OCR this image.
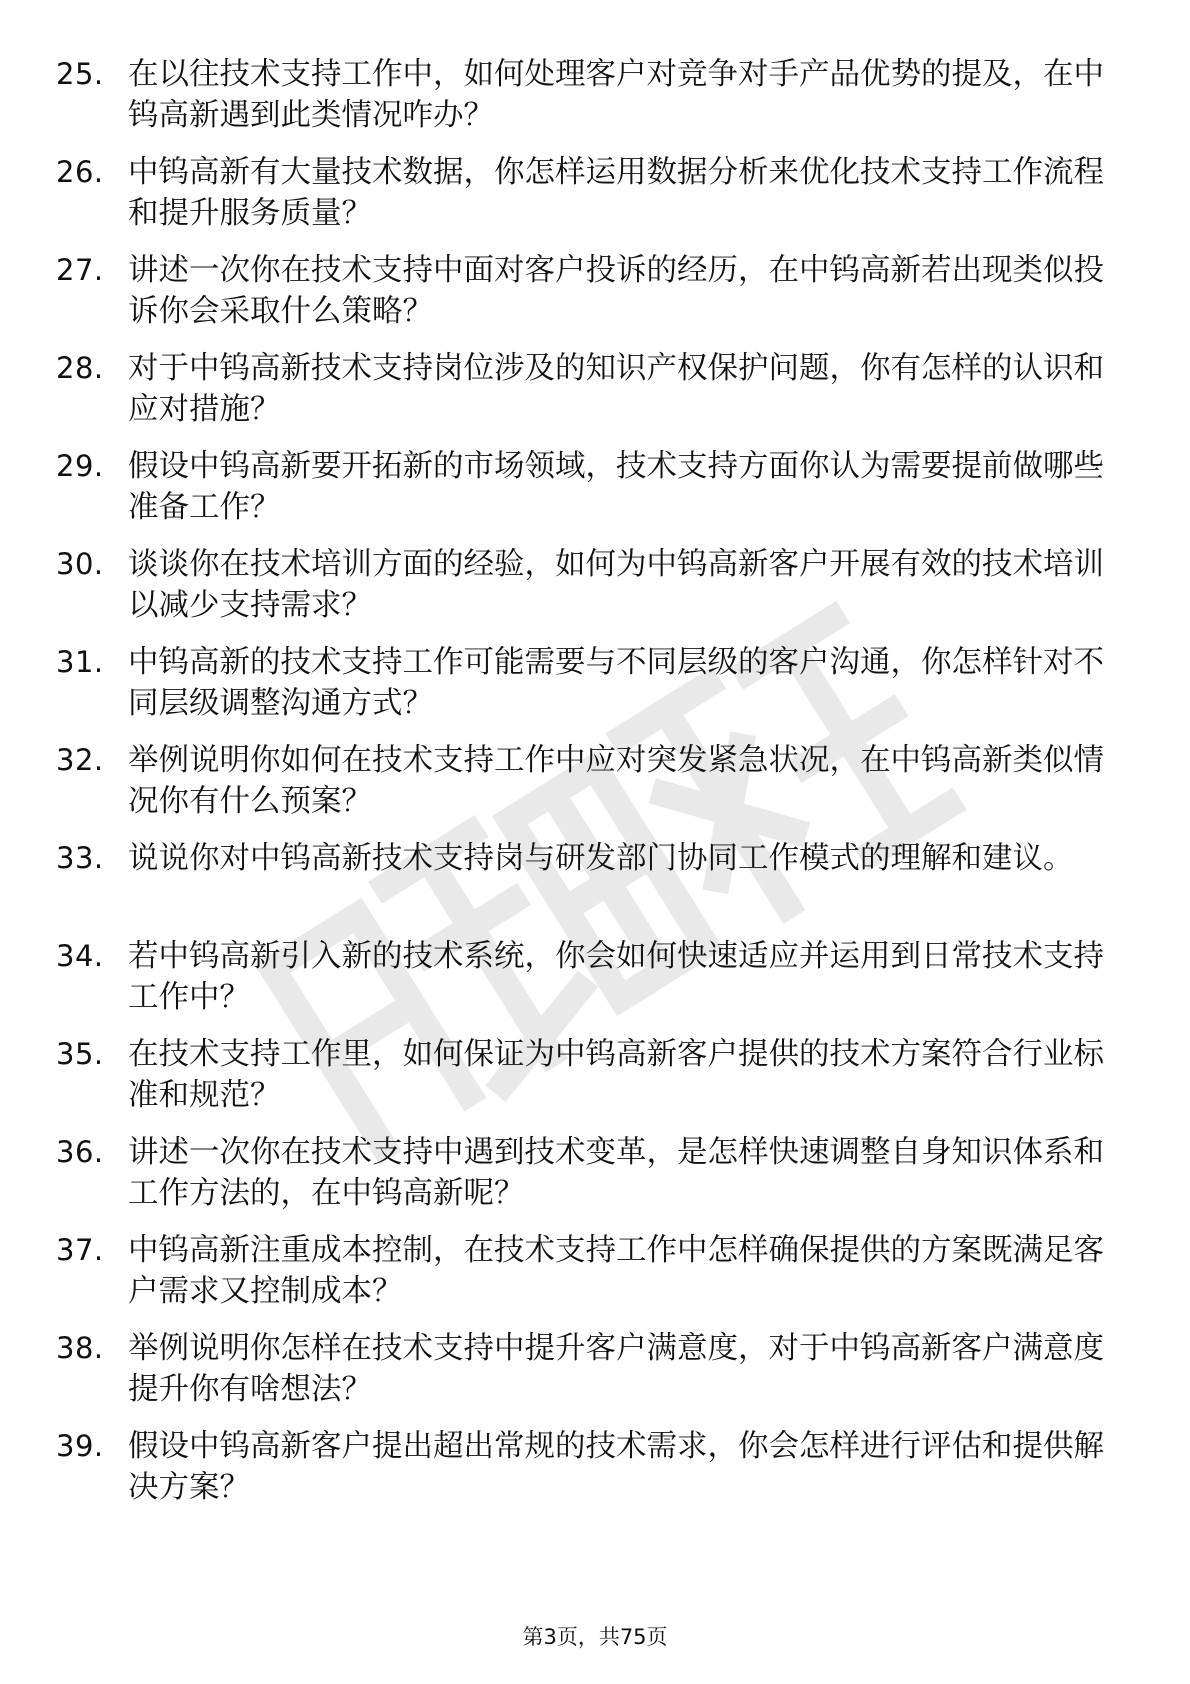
25. 在以往技术支持工作中，如何处理客户对竞争对手产品优势的提及，在中钨高新遇到此类情况咋办？
26. 中钨高新有大量技术数据，你怎样运用数据分析来优化技术支持工作流程和提升服务质量？
27. 讲述一次你在技术支持中面对客户投诉的经历，在中钨高新若出现类似投诉你会采取什么策略？
28. 对于中钨高新技术支持岗位涉及的知识产权保护问题，你有怎样的认识和应对措施？
29. 假设中钨高新要开拓新的市场领域，技术支持方面你认为需要提前做哪些准备工作？
30. 谈谈你在技术培训方面的经验，如何为中钨高新客户开展有效的技术培训以减少支持需求？
31. 中钨高新的技术支持工作可能需要与不同层级的客户沟通，你怎样针对不同层级调整沟通方式？
32. 举例说明你如何在技术支持工作中应对突发紧急状况，在中钨高新类似情况你有什么预案？
33. 说说你对中钨高新技术支持岗与研发部门协同工作模式的理解和建议。
34. 若中钨高新引入新的技术系统，你会如何快速适应并运用到日常技术支持工作中？
35. 在技术支持工作里，如何保证为中钨高新客户提供的技术方案符合行业标准和规范？
36. 讲述一次你在技术支持中遇到技术变革，是怎样快速调整自身知识体系和工作方法的，在中钨高新呢？
37. 中钨高新注重成本控制，在技术支持工作中怎样确保提供的方案既满足客户需求又控制成本？
38. 举例说明你怎样在技术支持中提升客户满意度，对于中钨高新客户满意度提升你有啥想法？
39. 假设中钨高新客户提出超出常规的技术需求，你会怎样进行评估和提供解决方案？
第3页，共75页
